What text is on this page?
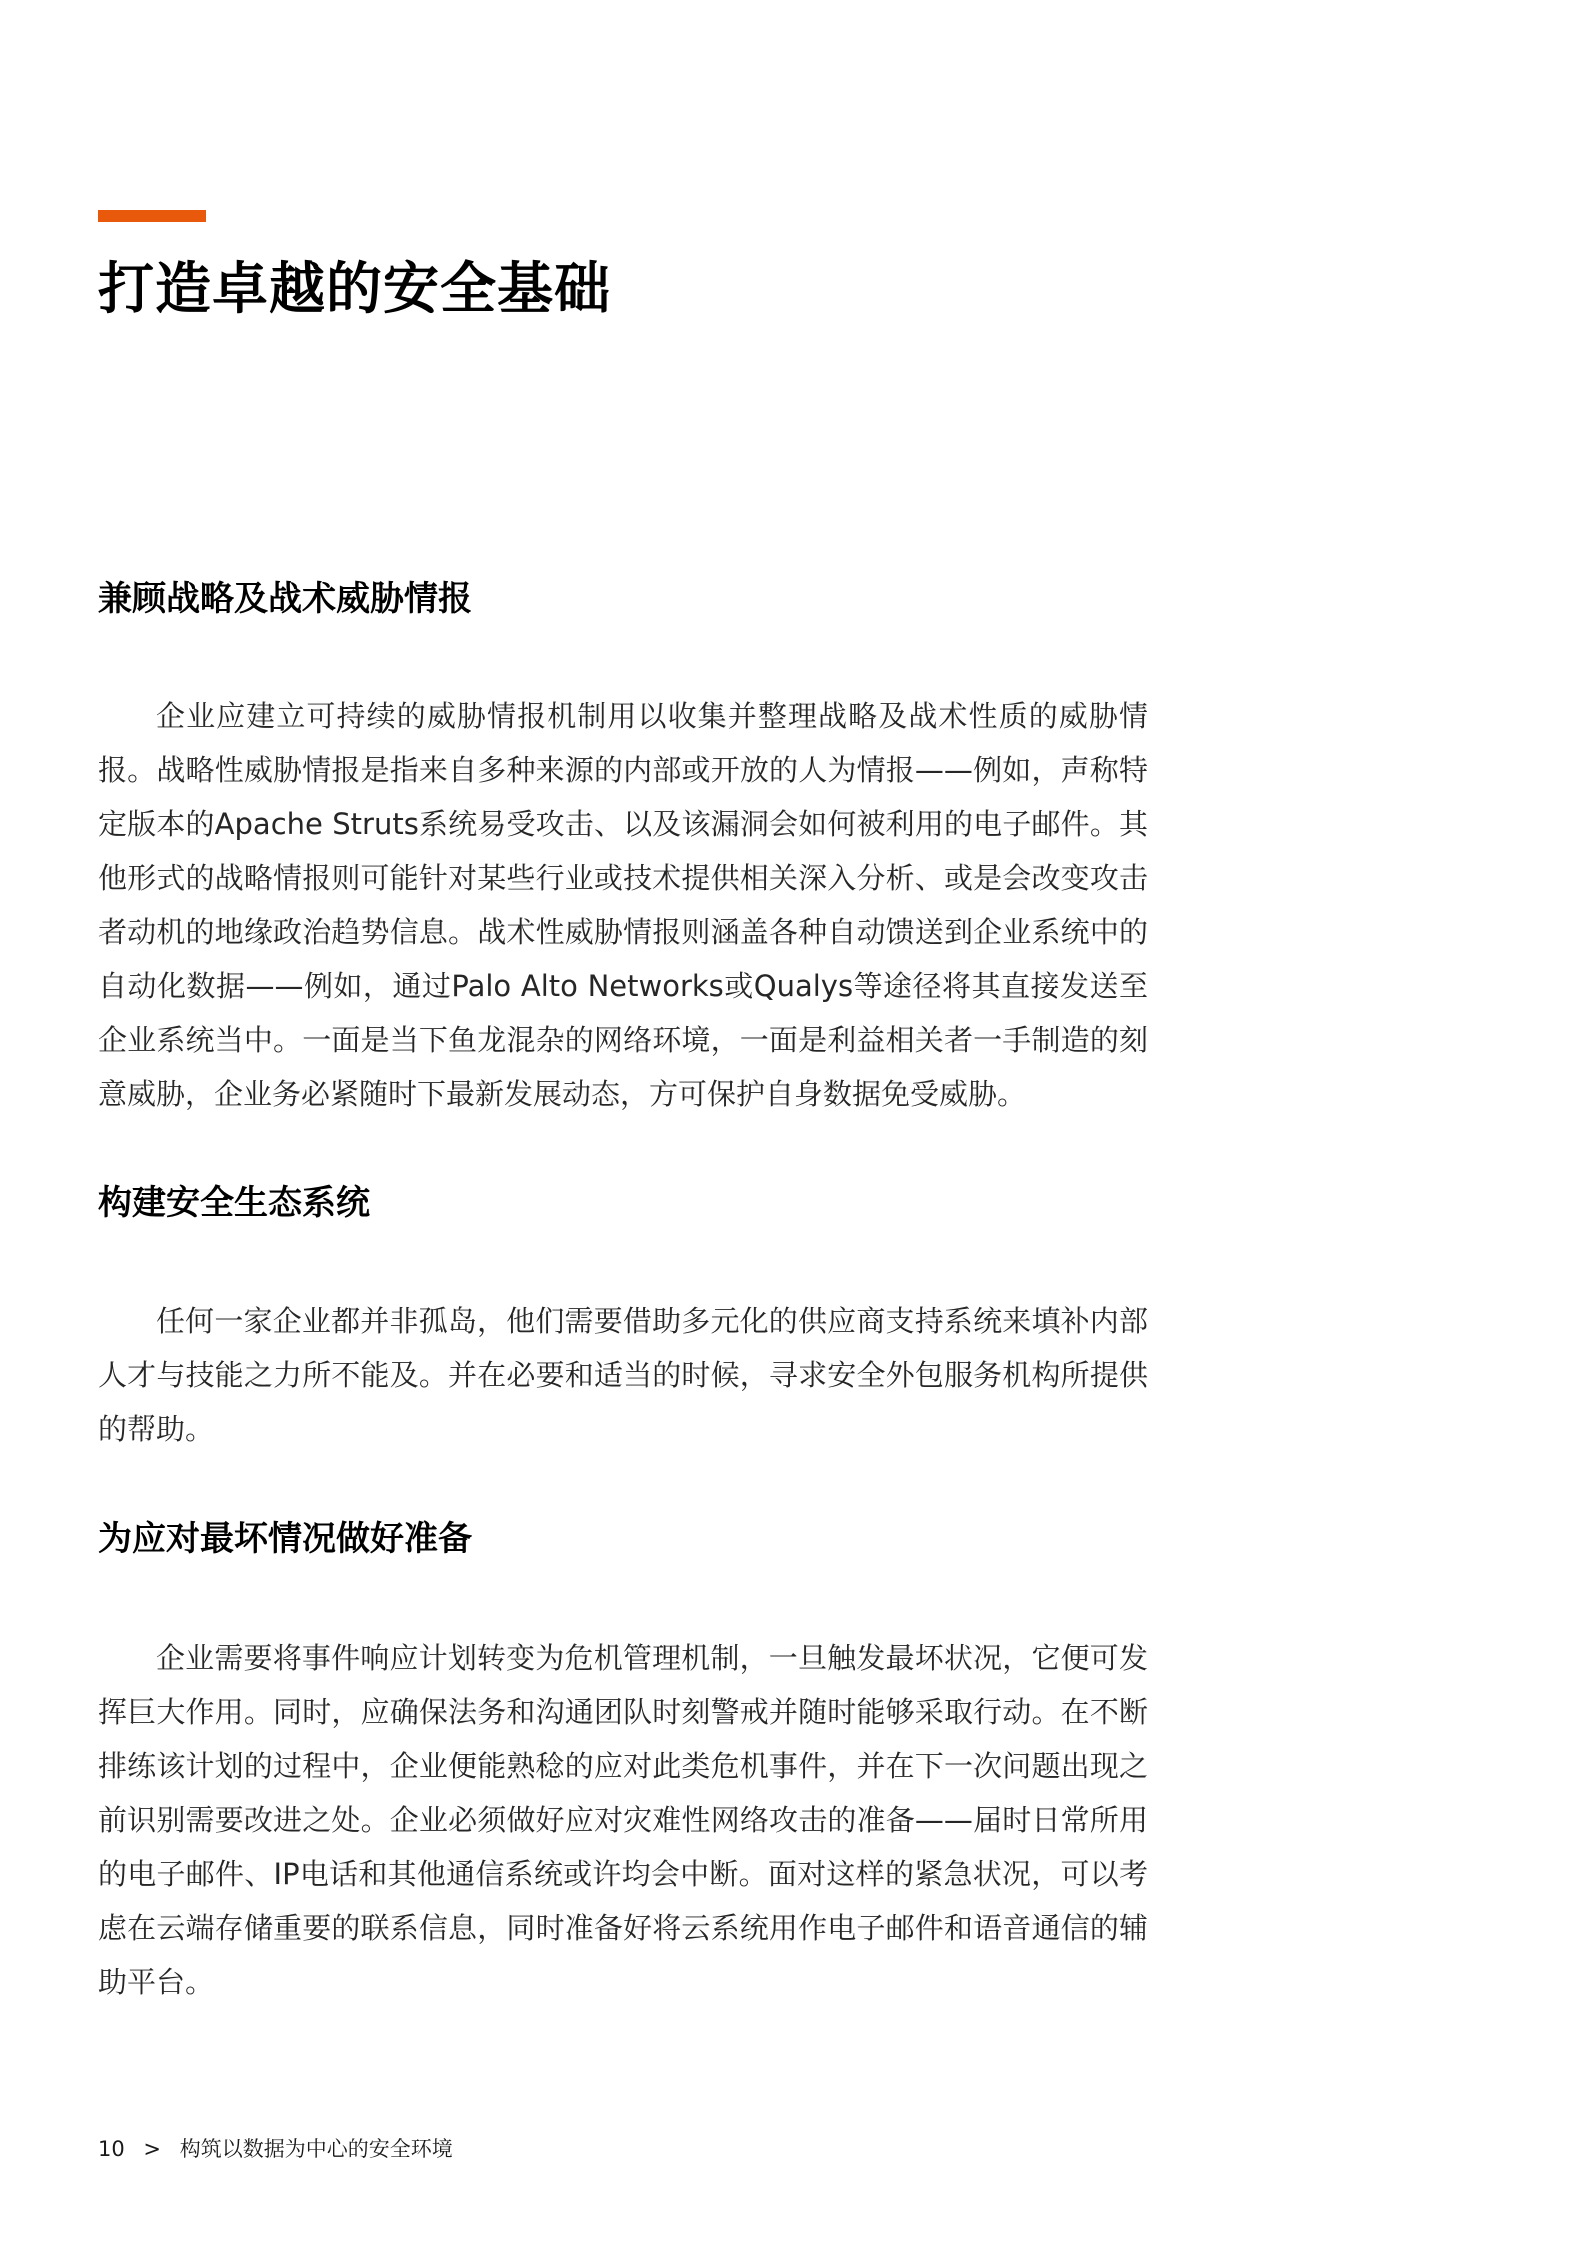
打造卓越的安全基础
兼顾战略及战术威胁情报

企业应建立可持续的威胁情报机制用以收集并整理战略及战术性质的威胁情报。战略性威胁情报是指来自多种来源的内部或开放的人为情报——例如，声称特定版本的Apache Struts系统易受攻击、以及该漏洞会如何被利用的电子邮件。其他形式的战略情报则可能针对某些行业或技术提供相关深入分析、或是会改变攻击者动机的地缘政治趋势信息。战术性威胁情报则涵盖各种自动馈送到企业系统中的自动化数据——例如，通过Palo Alto Networks或Qualys等途径将其直接发送至企业系统当中。一面是当下鱼龙混杂的网络环境，一面是利益相关者一手制造的刻意威胁，企业务必紧随时下最新发展动态，方可保护自身数据免受威胁。

构建安全生态系统

任何一家企业都并非孤岛，他们需要借助多元化的供应商支持系统来填补内部人才与技能之力所不能及。并在必要和适当的时候，寻求安全外包服务机构所提供的帮助。

为应对最坏情况做好准备

企业需要将事件响应计划转变为危机管理机制，一旦触发最坏状况，它便可发挥巨大作用。同时，应确保法务和沟通团队时刻警戒并随时能够采取行动。在不断排练该计划的过程中，企业便能熟稔的应对此类危机事件，并在下一次问题出现之前识别需要改进之处。企业必须做好应对灾难性网络攻击的准备——届时日常所用的电子邮件、IP电话和其他通信系统或许均会中断。面对这样的紧急状况，可以考虑在云端存储重要的联系信息，同时准备好将云系统用作电子邮件和语音通信的辅助平台。

10 > 构筑以数据为中心的安全环境
